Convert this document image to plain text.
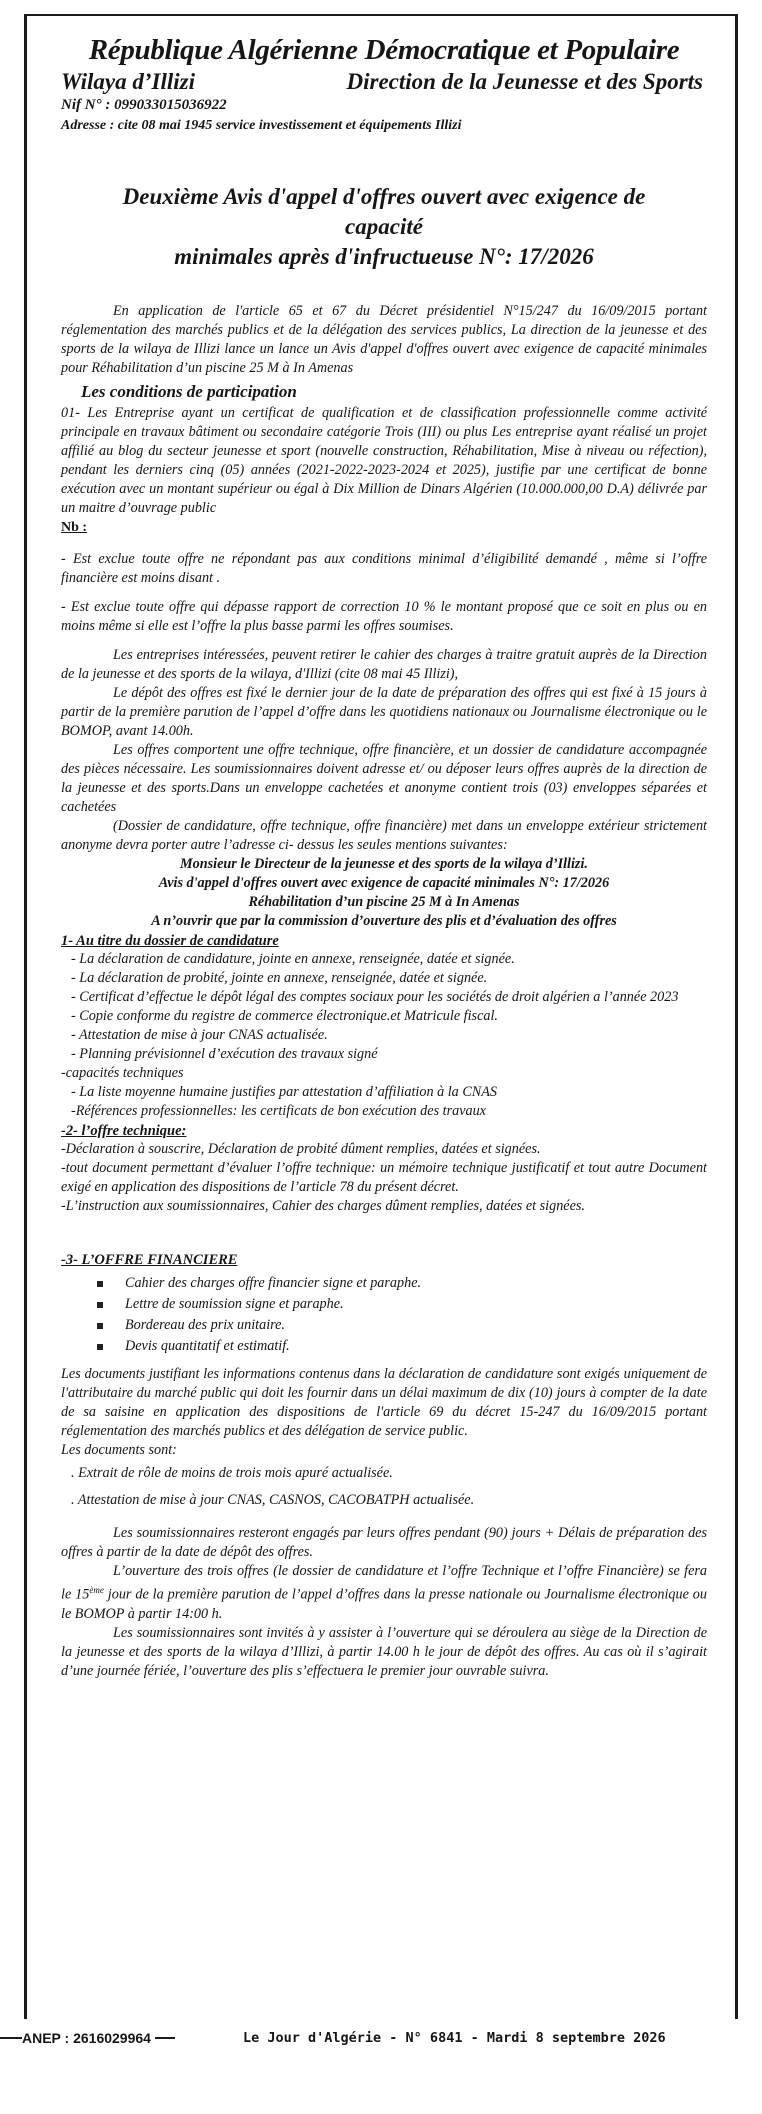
République Algérienne Démocratique et Populaire
Wilaya d’Illizi	Direction de la Jeunesse et des Sports
Nif N° : 099033015036922
Adresse : cite 08 mai 1945 service investissement et équipements Illizi
Deuxième Avis d'appel d'offres ouvert avec exigence de capacité
minimales après d'infructueuse N°: 17/2026

En application de l'article 65 et 67 du Décret présidentiel N°15/247 du 16/09/2015 portant réglementation des marchés publics et de la délégation des services publics, La direction de la jeunesse et des sports de la wilaya de Illizi lance un lance un Avis d'appel d'offres ouvert avec exigence de capacité minimales pour Réhabilitation d’un piscine 25 M à In Amenas

Les conditions de participation

01- Les Entreprise ayant un certificat de qualification et de classification professionnelle comme activité principale en travaux bâtiment ou secondaire catégorie Trois (III) ou plus Les entreprise ayant réalisé un projet affilié au blog du secteur jeunesse et sport (nouvelle construction, Réhabilitation, Mise à niveau ou réfection), pendant les derniers cinq (05) années (2021-2022-2023-2024 et 2025), justifie par une certificat de bonne exécution avec un montant supérieur ou égal à Dix Million de Dinars Algérien (10.000.000,00 D.A) délivrée par un maitre d’ouvrage public

Nb :

- Est exclue toute offre ne répondant pas aux conditions minimal d’éligibilité demandé , même si l’offre financière est moins disant .

- Est exclue toute offre qui dépasse rapport de correction 10 % le montant proposé que ce soit en plus ou en moins même si elle est l’offre la plus basse parmi les offres soumises.

Les entreprises intéressées, peuvent retirer le cahier des charges à traitre gratuit auprès de la Direction de la jeunesse et des sports de la wilaya, d'Illizi (cite 08 mai 45 Illizi),

Le dépôt des offres est fixé le dernier jour de la date de préparation des offres qui est fixé à 15 jours à partir de la première parution de l’appel d’offre dans les quotidiens nationaux ou Journalisme électronique ou le BOMOP, avant 14.00h.

Les offres comportent une offre technique, offre financière, et un dossier de candidature accompagnée des pièces nécessaire. Les soumissionnaires doivent adresse et/ ou déposer leurs offres auprès de la direction de la jeunesse et des sports.Dans un enveloppe cachetées et anonyme contient trois (03) enveloppes séparées et cachetées

(Dossier de candidature, offre technique, offre financière) met dans un enveloppe extérieur strictement anonyme devra porter autre l’adresse ci- dessus les seules mentions suivantes:

Monsieur le Directeur de la jeunesse et des sports de la wilaya d’Illizi.

Avis d'appel d'offres ouvert avec exigence de capacité minimales N°: 17/2026

Réhabilitation d’un piscine 25 M à In Amenas

A n’ouvrir que par la commission d’ouverture des plis et d’évaluation des offres

1- Au titre du dossier de candidature

- La déclaration de candidature, jointe en annexe, renseignée, datée et signée.

- La déclaration de probité, jointe en annexe, renseignée, datée et signée.

- Certificat d’effectue le dépôt légal des comptes sociaux pour les sociétés de droit algérien a l’année 2023

- Copie conforme du registre de commerce électronique.et Matricule fiscal.

- Attestation de mise à jour CNAS actualisée.

- Planning prévisionnel d’exécution des travaux signé

-capacités techniques

- La liste moyenne humaine justifies par attestation d’affiliation à la CNAS

-Références professionnelles: les certificats de bon exécution des travaux

-2- l’offre technique:

-Déclaration à souscrire, Déclaration de probité dûment remplies, datées et signées.

-tout document permettant d’évaluer l’offre technique: un mémoire technique justificatif et tout autre Document exigé en application des dispositions de l’article 78 du présent décret.

-L’instruction aux soumissionnaires, Cahier des charges dûment remplies, datées et signées.

-3- L’OFFRE FINANCIERE
Cahier des charges offre financier signe et paraphe.
Lettre de soumission signe et paraphe.
Bordereau des prix unitaire.
Devis quantitatif et estimatif.

Les documents justifiant les informations contenus dans la déclaration de candidature sont exigés uniquement de l'attributaire du marché public qui doit les fournir dans un délai maximum de dix (10) jours à compter de la date de sa saisine en application des dispositions de l'article 69 du décret 15-247 du 16/09/2015 portant réglementation des marchés publics et des délégation de service public.

Les documents sont:

. Extrait de rôle de moins de trois mois apuré actualisée.

. Attestation de mise à jour CNAS, CASNOS, CACOBATPH actualisée.

Les soumissionnaires resteront engagés par leurs offres pendant (90) jours + Délais de préparation des offres à partir de la date de dépôt des offres.

L’ouverture des trois offres (le dossier de candidature et l’offre Technique et l’offre Financière) se fera le 15ème jour de la première parution de l’appel d’offres dans la presse nationale ou Journalisme électronique ou le BOMOP à partir 14:00 h.

Les soumissionnaires sont invités à y assister à l’ouverture qui se déroulera au siège de la Direction de la jeunesse et des sports de la wilaya d’Illizi, à partir 14.00 h le jour de dépôt des offres. Au cas où il s’agirait d’une journée fériée, l’ouverture des plis s’effectuera le premier jour ouvrable suivra.

ANEP : 2616029964	Le Jour d'Algérie - N° 6841 - Mardi 8 septembre 2026
